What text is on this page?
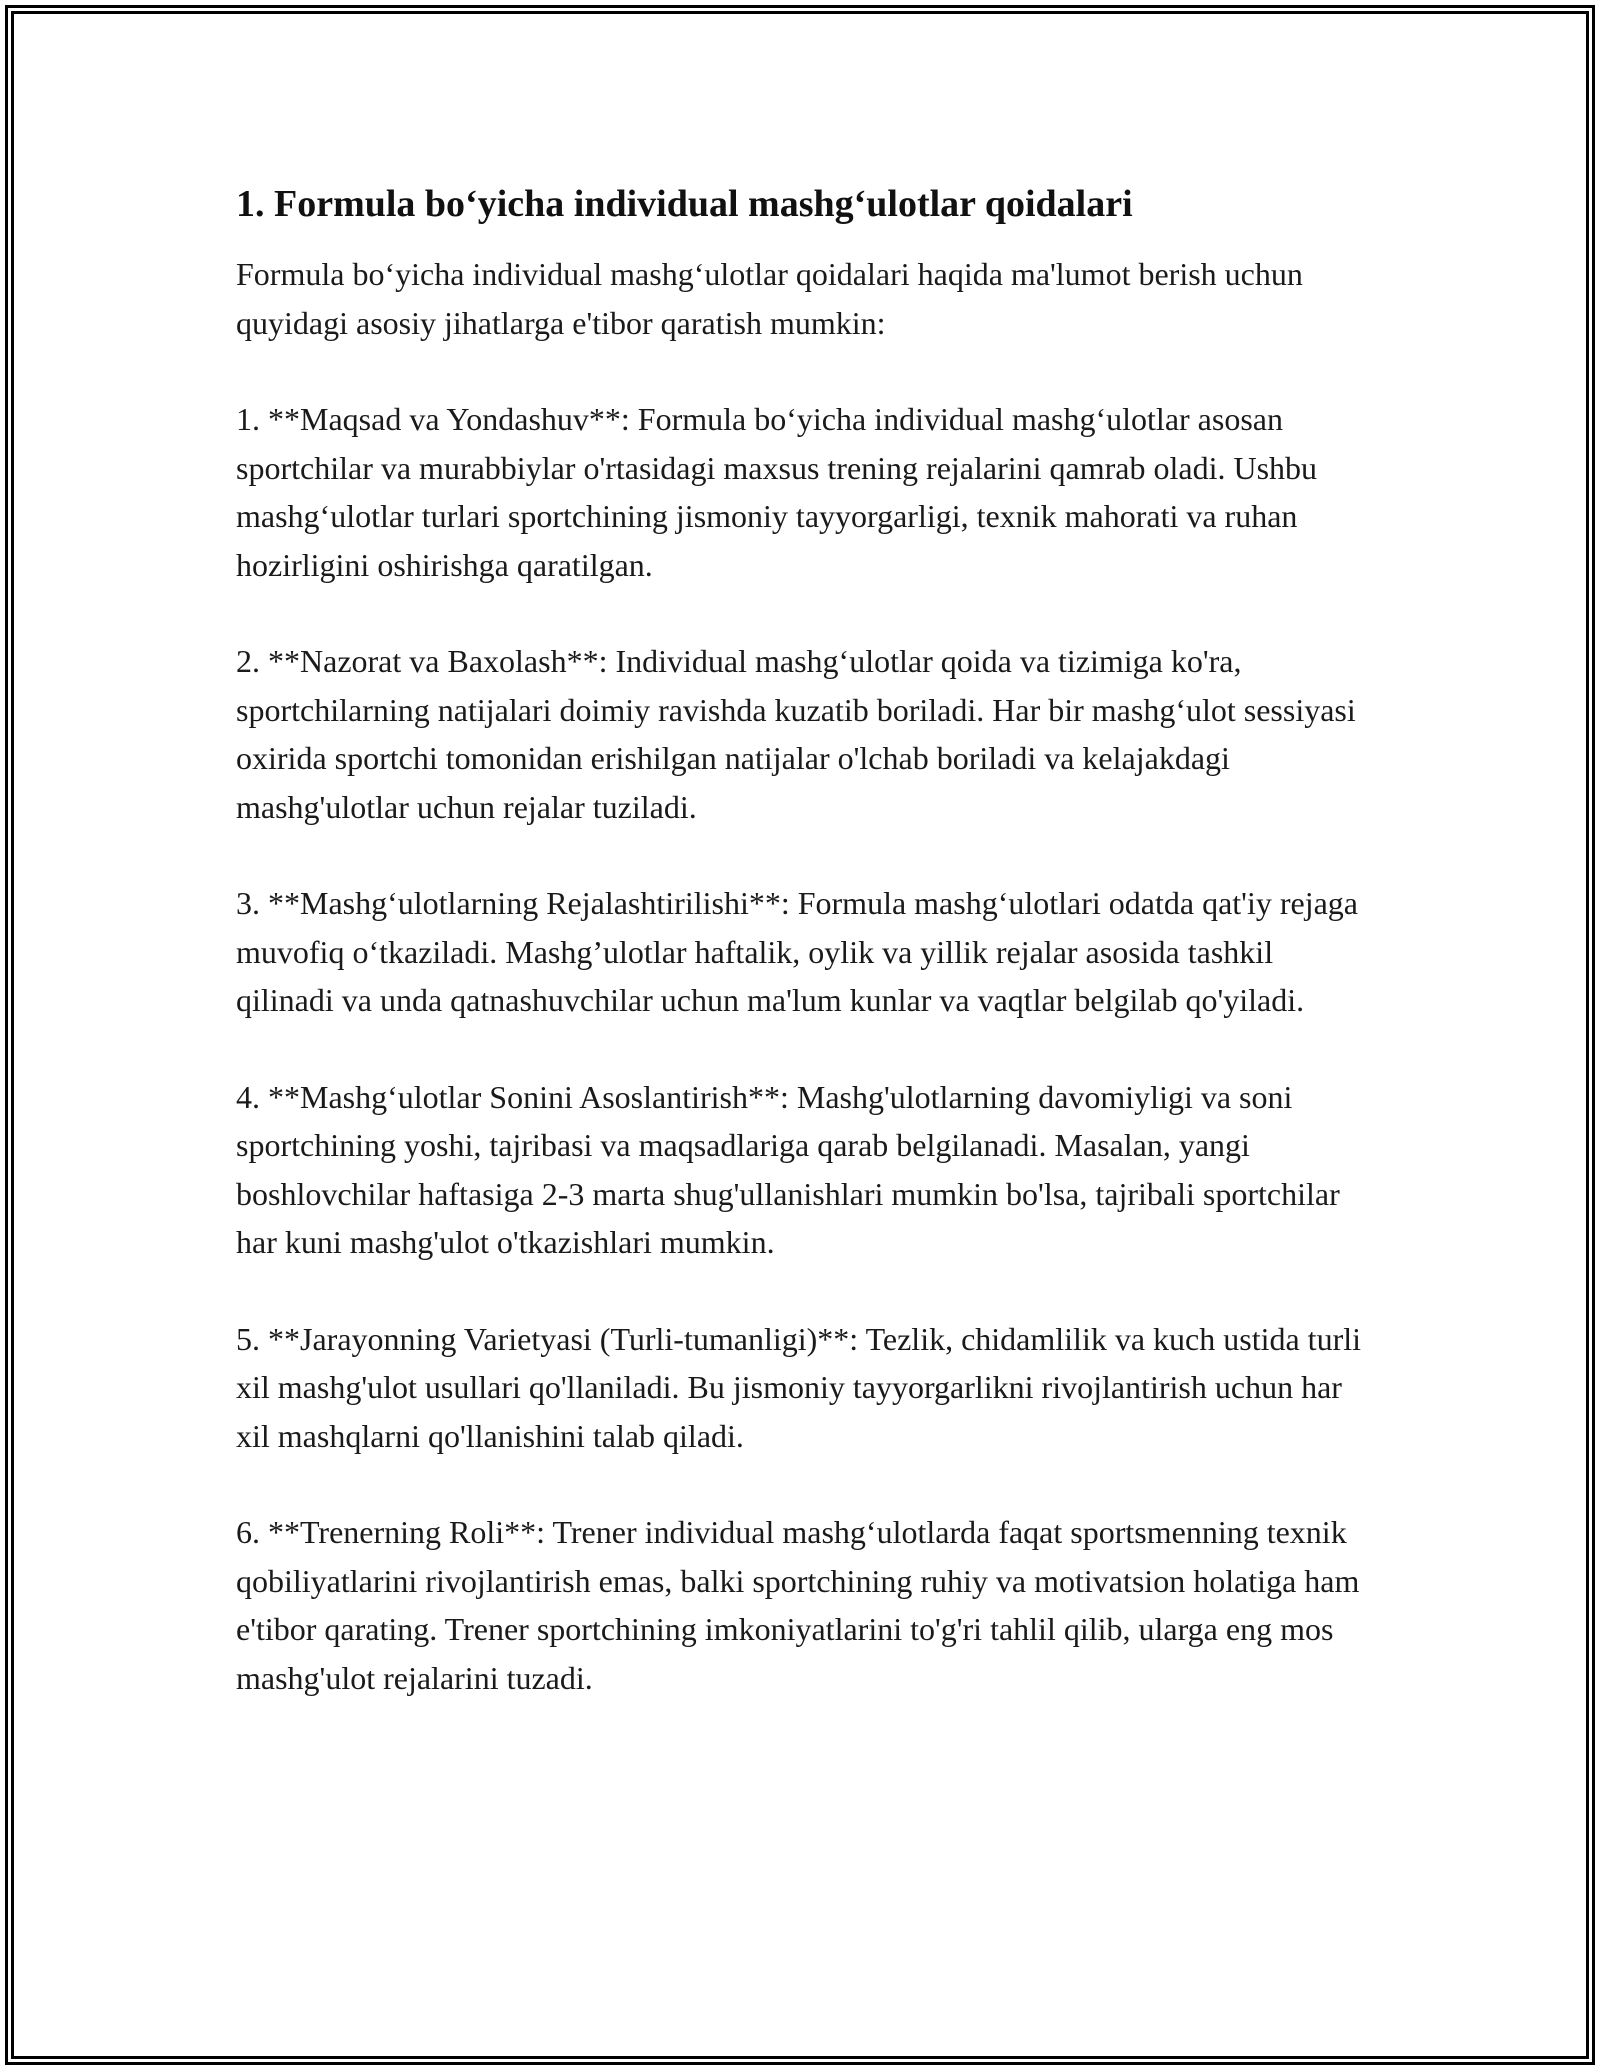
1. Formula bo‘yicha individual mashg‘ulotlar qoidalari

Formula bo‘yicha individual mashg‘ulotlar qoidalari haqida ma'lumot berish uchun quyidagi asosiy jihatlarga e'tibor qaratish mumkin:

1. **Maqsad va Yondashuv**: Formula bo‘yicha individual mashg‘ulotlar asosan sportchilar va murabbiylar o'rtasidagi maxsus trening rejalarini qamrab oladi. Ushbu mashg‘ulotlar turlari sportchining jismoniy tayyorgarligi, texnik mahorati va ruhan hozirligini oshirishga qaratilgan.

2. **Nazorat va Baxolash**: Individual mashg‘ulotlar qoida va tizimiga ko'ra, sportchilarning natijalari doimiy ravishda kuzatib boriladi. Har bir mashg‘ulot sessiyasi oxirida sportchi tomonidan erishilgan natijalar o'lchab boriladi va kelajakdagi mashg'ulotlar uchun rejalar tuziladi.

3. **Mashg‘ulotlarning Rejalashtirilishi**: Formula mashg‘ulotlari odatda qat'iy rejaga muvofiq o‘tkaziladi. Mashg’ulotlar haftalik, oylik va yillik rejalar asosida tashkil qilinadi va unda qatnashuvchilar uchun ma'lum kunlar va vaqtlar belgilab qo'yiladi.

4. **Mashg‘ulotlar Sonini Asoslantirish**: Mashg'ulotlarning davomiyligi va soni sportchining yoshi, tajribasi va maqsadlariga qarab belgilanadi. Masalan, yangi boshlovchilar haftasiga 2-3 marta shug'ullanishlari mumkin bo'lsa, tajribali sportchilar har kuni mashg'ulot o'tkazishlari mumkin.

5. **Jarayonning Varietyasi (Turli-tumanligi)**: Tezlik, chidamlilik va kuch ustida turli xil mashg'ulot usullari qo'llaniladi. Bu jismoniy tayyorgarlikni rivojlantirish uchun har xil mashqlarni qo'llanishini talab qiladi.

6. **Trenerning Roli**: Trener individual mashg‘ulotlarda faqat sportsmenning texnik qobiliyatlarini rivojlantirish emas, balki sportchining ruhiy va motivatsion holatiga ham e'tibor qarating. Trener sportchining imkoniyatlarini to'g'ri tahlil qilib, ularga eng mos mashg'ulot rejalarini tuzadi.
